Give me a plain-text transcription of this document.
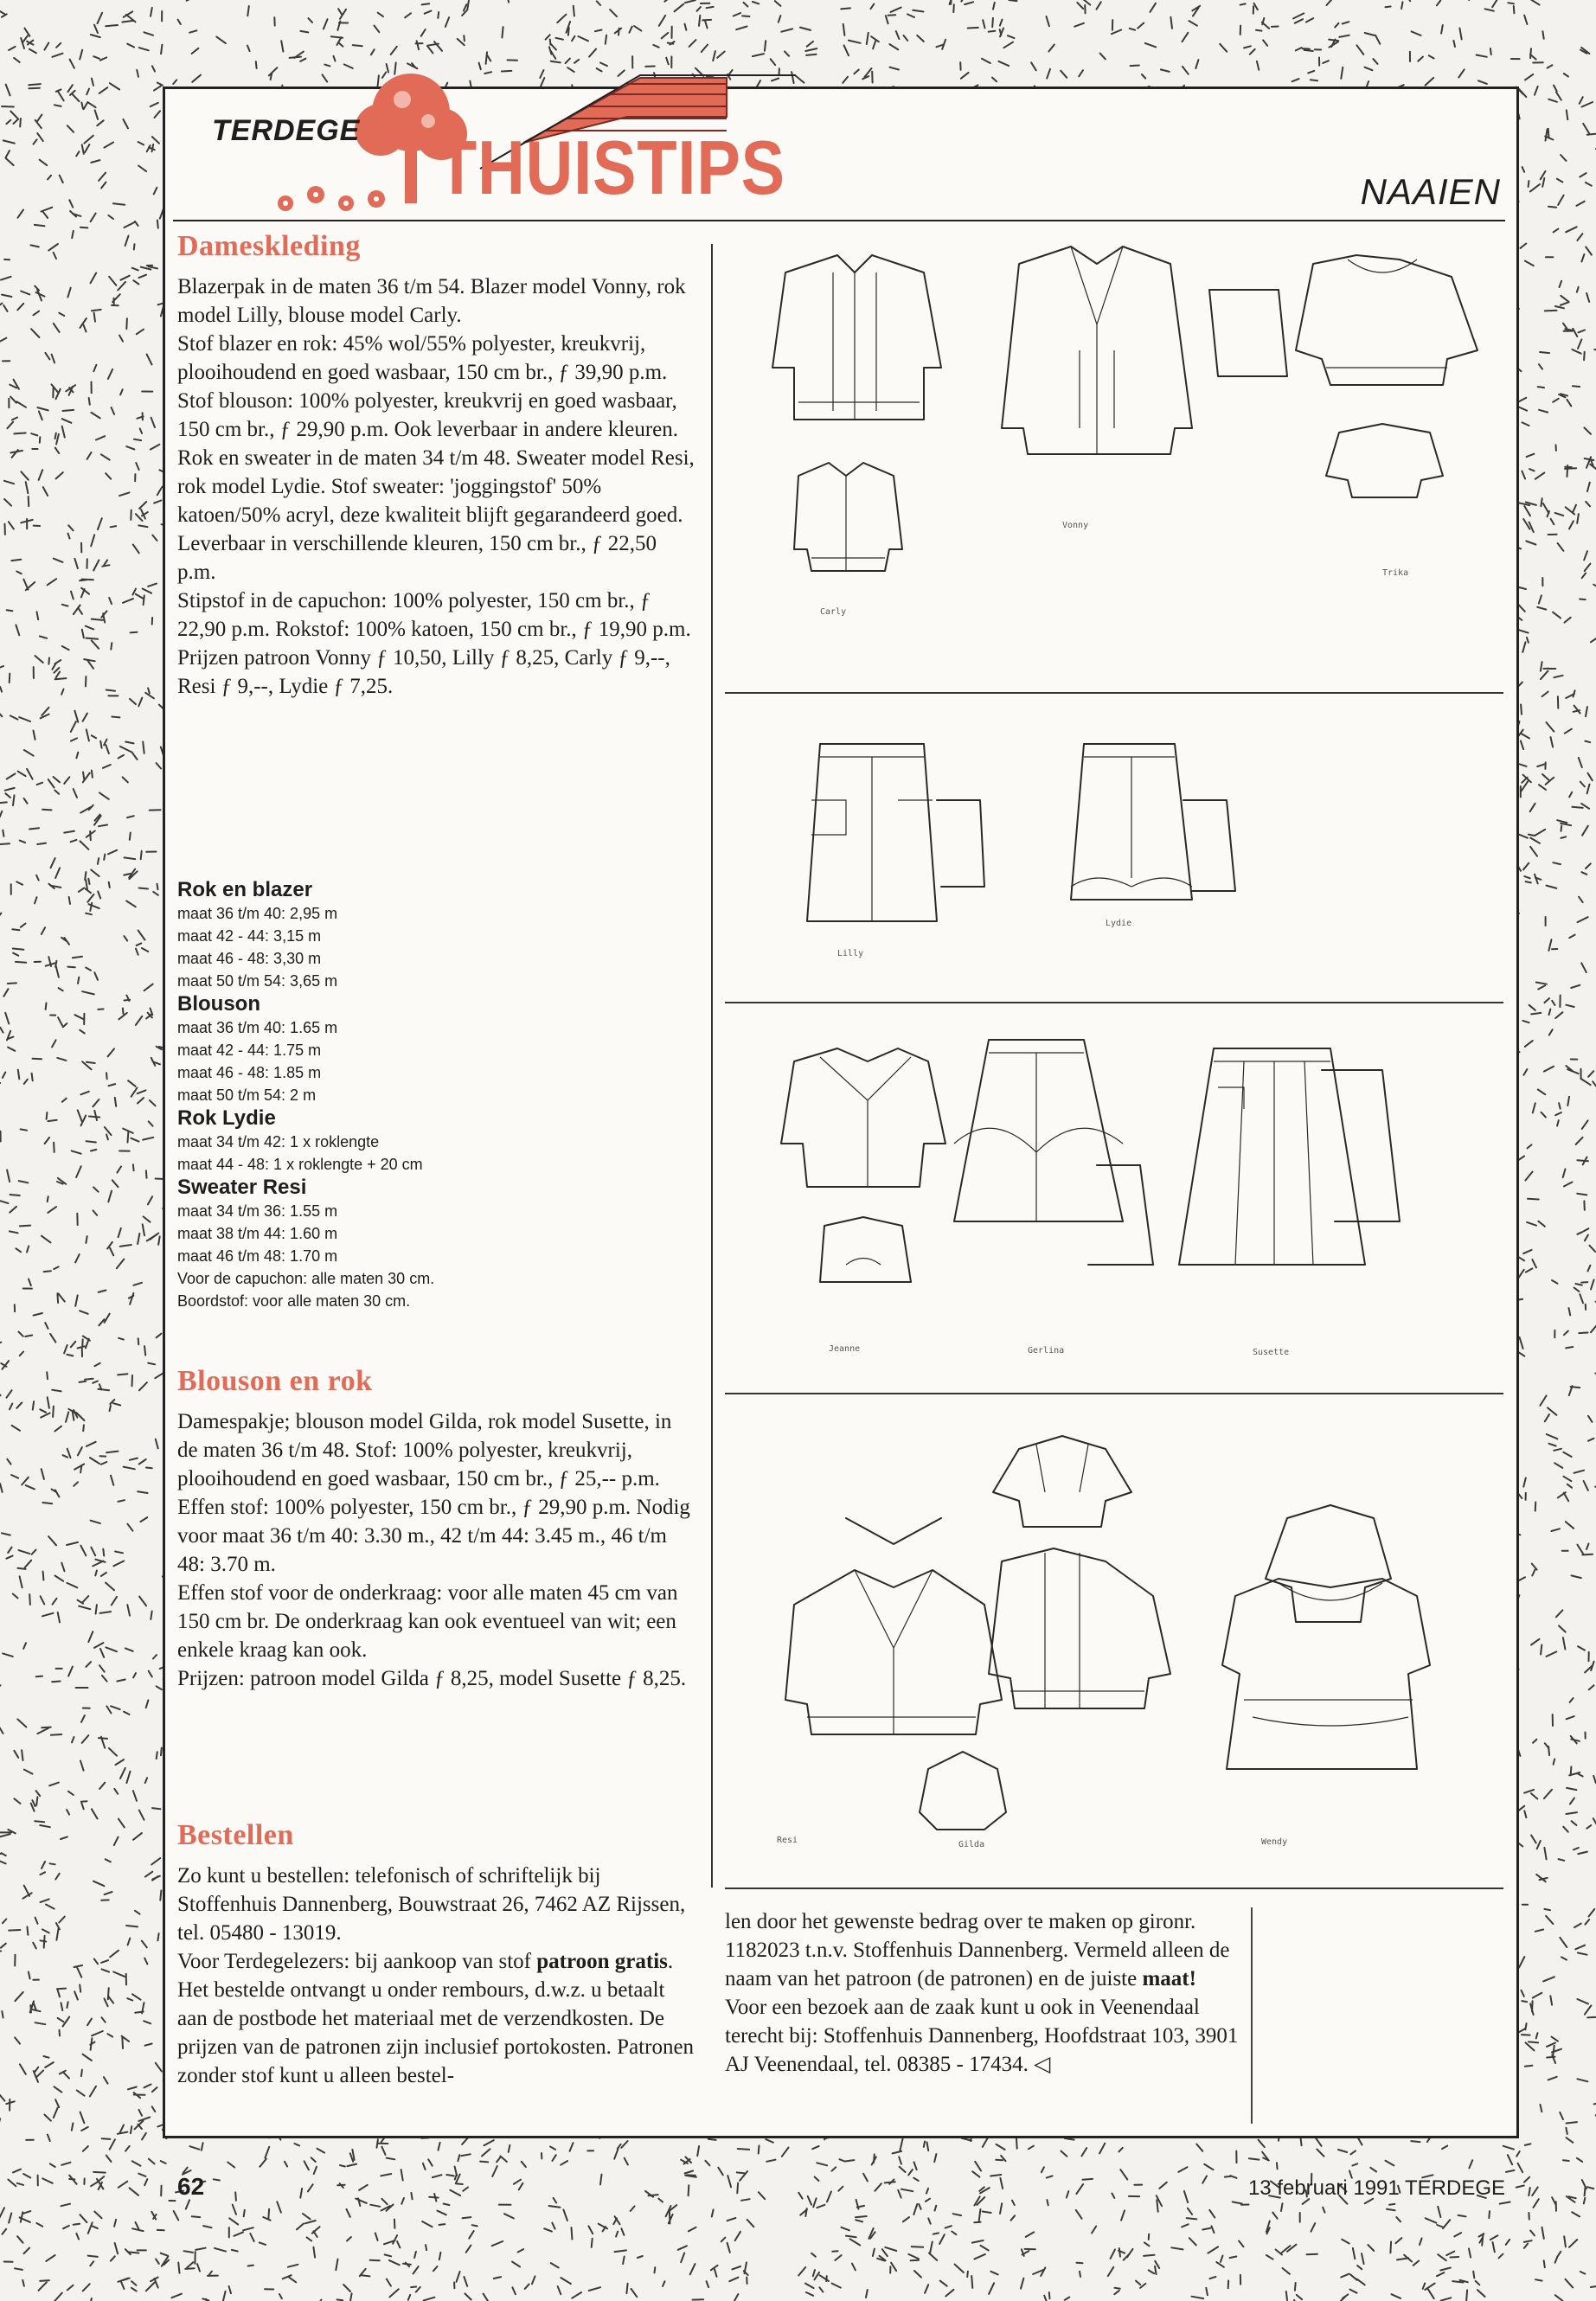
TERDEGE THUISTIPS	NAAIEN
Dameskleding

Blazerpak in de maten 36 t/m 54. Blazer model Vonny, rok model Lilly, blouse model Carly.

Stof blazer en rok: 45% wol/55% polyester, kreukvrij, plooihoudend en goed wasbaar, 150 cm br., ƒ 39,90 p.m.

Stof blouson: 100% polyester, kreukvrij en goed wasbaar, 150 cm br., ƒ 29,90 p.m. Ook leverbaar in andere kleuren.

Rok en sweater in de maten 34 t/m 48. Sweater model Resi, rok model Lydie. Stof sweater: 'joggingstof' 50% katoen/50% acryl, deze kwaliteit blijft gegarandeerd goed. Leverbaar in verschillende kleuren, 150 cm br., ƒ 22,50 p.m.

Stipstof in de capuchon: 100% polyester, 150 cm br., ƒ 22,90 p.m. Rokstof: 100% katoen, 150 cm br., ƒ 19,90 p.m.

Prijzen patroon Vonny ƒ 10,50, Lilly ƒ 8,25, Carly ƒ 9,--, Resi ƒ 9,--, Lydie ƒ 7,25.

Rok en blazer
maat 36 t/m 40: 2,95 m
maat 42 - 44: 3,15 m
maat 46 - 48: 3,30 m
maat 50 t/m 54: 3,65 m
Blouson
maat 36 t/m 40: 1.65 m
maat 42 - 44: 1.75 m
maat 46 - 48: 1.85 m
maat 50 t/m 54: 2 m
Rok Lydie
maat 34 t/m 42: 1 x roklengte
maat 44 - 48: 1 x roklengte + 20 cm
Sweater Resi
maat 34 t/m 36: 1.55 m
maat 38 t/m 44: 1.60 m
maat 46 t/m 48: 1.70 m
Voor de capuchon: alle maten 30 cm.
Boordstof: voor alle maten 30 cm.
Blouson en rok

Damespakje; blouson model Gilda, rok model Susette, in de maten 36 t/m 48. Stof: 100% polyester, kreukvrij, plooihoudend en goed wasbaar, 150 cm br., ƒ 25,-- p.m. Effen stof: 100% polyester, 150 cm br., ƒ 29,90 p.m. Nodig voor maat 36 t/m 40: 3.30 m., 42 t/m 44: 3.45 m., 46 t/m 48: 3.70 m.

Effen stof voor de onderkraag: voor alle maten 45 cm van 150 cm br. De onderkraag kan ook eventueel van wit; een enkele kraag kan ook.

Prijzen: patroon model Gilda ƒ 8,25, model Susette ƒ 8,25.

Bestellen

Zo kunt u bestellen: telefonisch of schriftelijk bij Stoffenhuis Dannenberg, Bouwstraat 26, 7462 AZ Rijssen, tel. 05480 - 13019.

Voor Terdegelezers: bij aankoop van stof patroon gratis. Het bestelde ontvangt u onder rembours, d.w.z. u betaalt aan de postbode het materiaal met de verzendkosten. De prijzen van de patronen zijn inclusief portokosten. Patronen zonder stof kunt u alleen bestel-

len door het gewenste bedrag over te maken op gironr. 1182023 t.n.v. Stoffenhuis Dannenberg. Vermeld alleen de naam van het patroon (de patronen) en de juiste maat!

Voor een bezoek aan de zaak kunt u ook in Veenendaal terecht bij: Stoffenhuis Dannenberg, Hoofdstraat 103, 3901 AJ Veenendaal, tel. 08385 - 17434. ◁

Carly
Vonny
Trika
Lilly
Lydie
Jeanne	Gerlina	Susette
Resi	Gilda	Wendy
62	13 februari 1991 TERDEGE
